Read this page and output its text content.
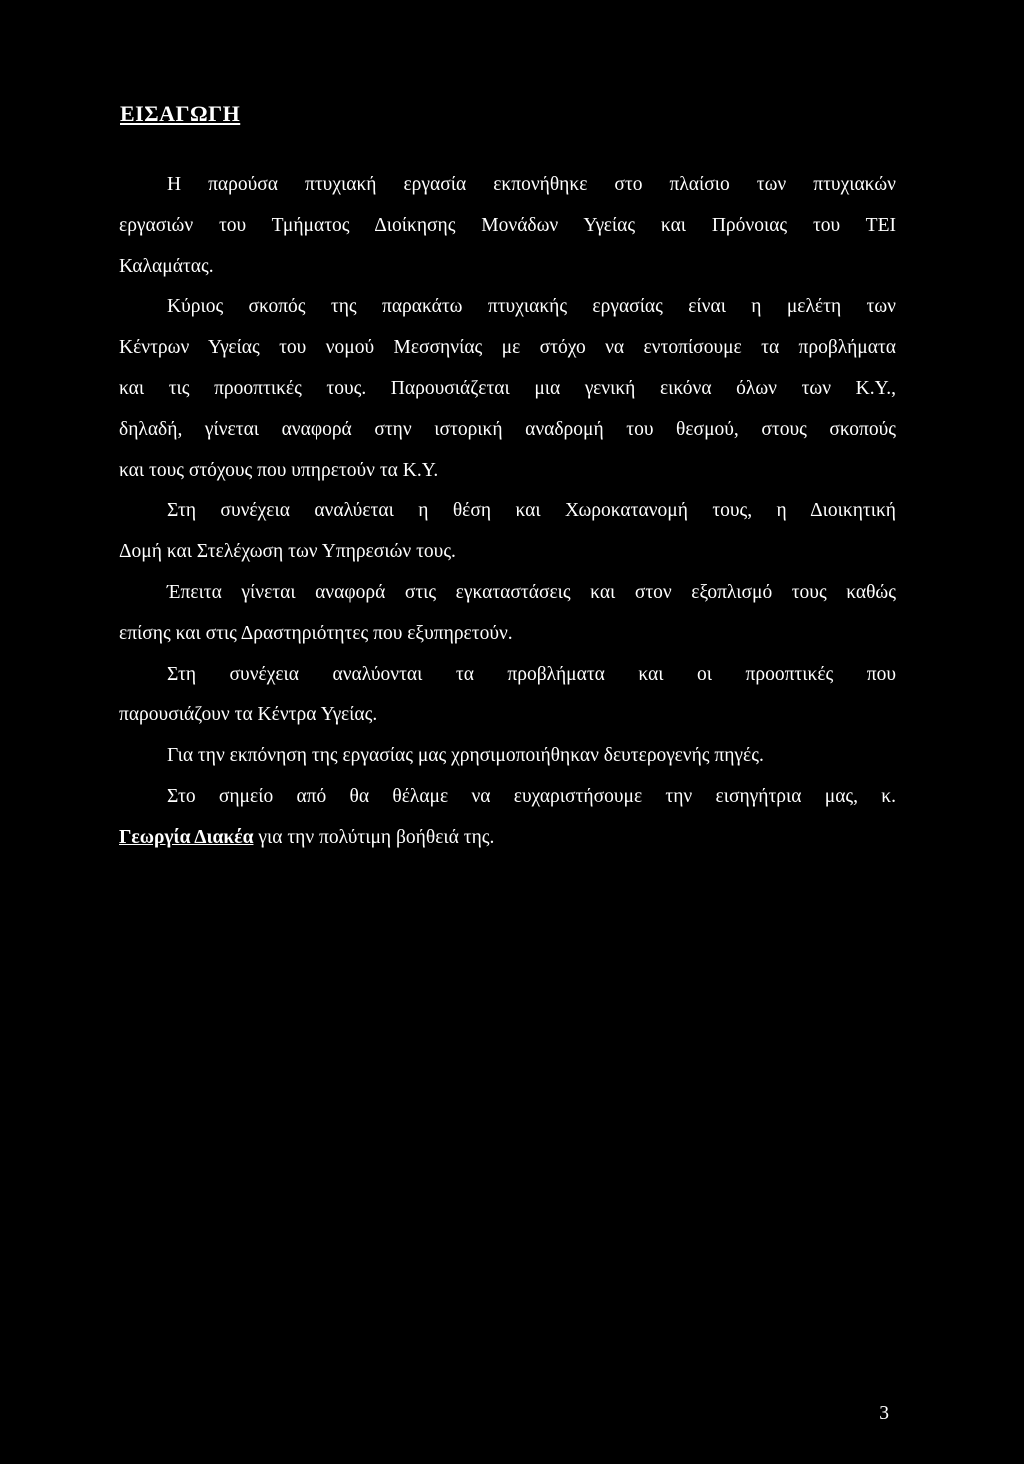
ΕΙΣΑΓΩΓΗ
Η παρούσα πτυχιακή εργασία εκπονήθηκε στο πλαίσιο των πτυχιακών
εργασιών του Τμήματος Διοίκησης Μονάδων Υγείας και Πρόνοιας του ΤΕΙ
Καλαμάτας.
Κύριος σκοπός της παρακάτω πτυχιακής εργασίας είναι η μελέτη των
Κέντρων Υγείας του νομού Μεσσηνίας με στόχο να εντοπίσουμε τα προβλήματα
και τις προοπτικές τους. Παρουσιάζεται μια γενική εικόνα όλων των Κ.Υ.,
δηλαδή, γίνεται αναφορά στην ιστορική αναδρομή του θεσμού, στους σκοπούς
και τους στόχους που υπηρετούν τα Κ.Υ.
Στη συνέχεια αναλύεται η θέση και Χωροκατανομή τους, η Διοικητική
Δομή και Στελέχωση των Υπηρεσιών τους.
Έπειτα γίνεται αναφορά στις εγκαταστάσεις και στον εξοπλισμό τους καθώς
επίσης και στις Δραστηριότητες που εξυπηρετούν.
Στη συνέχεια αναλύονται τα προβλήματα και οι προοπτικές που
παρουσιάζουν τα Κέντρα Υγείας.
Για την εκπόνηση της εργασίας μας χρησιμοποιήθηκαν δευτερογενής πηγές.
Στο σημείο από θα θέλαμε να ευχαριστήσουμε την εισηγήτρια μας, κ.
Γεωργία Διακέα για την πολύτιμη βοήθειά της.
3
